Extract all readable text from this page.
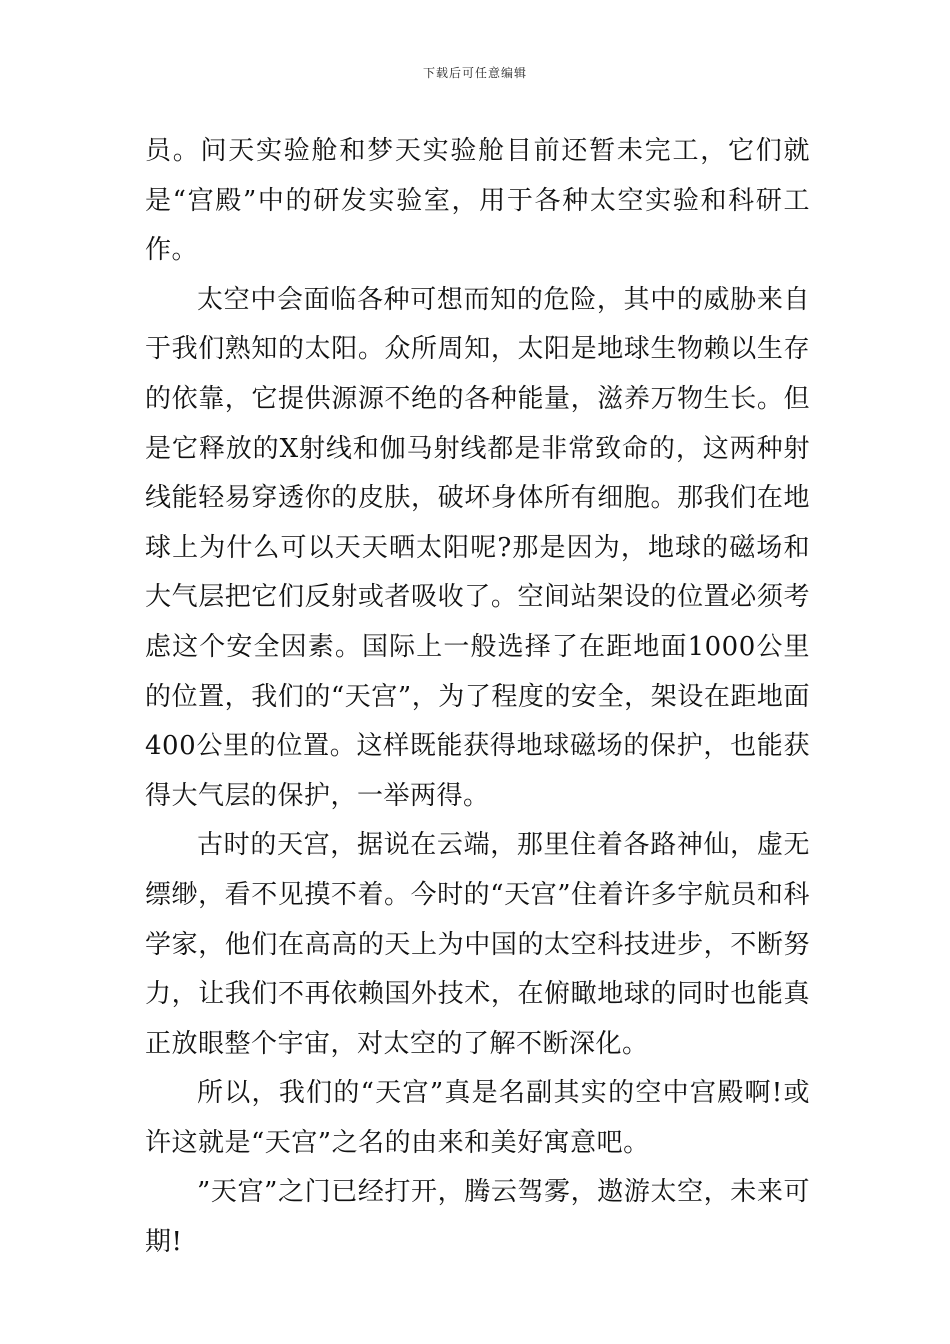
下载后可任意编辑

员。问天实验舱和梦天实验舱目前还暂未完工，它们就是“宫殿”中的研发实验室，用于各种太空实验和科研工作。

太空中会面临各种可想而知的危险，其中的威胁来自于我们熟知的太阳。众所周知，太阳是地球生物赖以生存的依靠，它提供源源不绝的各种能量，滋养万物生长。但是它释放的X射线和伽马射线都是非常致命的，这两种射线能轻易穿透你的皮肤，破坏身体所有细胞。那我们在地球上为什么可以天天晒太阳呢?那是因为，地球的磁场和大气层把它们反射或者吸收了。空间站架设的位置必须考虑这个安全因素。国际上一般选择了在距地面1000公里的位置，我们的“天宫”，为了程度的安全，架设在距地面400公里的位置。这样既能获得地球磁场的保护，也能获得大气层的保护，一举两得。

古时的天宫，据说在云端，那里住着各路神仙，虚无缥缈，看不见摸不着。今时的“天宫”住着许多宇航员和科学家，他们在高高的天上为中国的太空科技进步，不断努力，让我们不再依赖国外技术，在俯瞰地球的同时也能真正放眼整个宇宙，对太空的了解不断深化。

所以，我们的“天宫”真是名副其实的空中宫殿啊!或许这就是“天宫”之名的由来和美好寓意吧。

”天宫”之门已经打开，腾云驾雾，遨游太空，未来可期!
